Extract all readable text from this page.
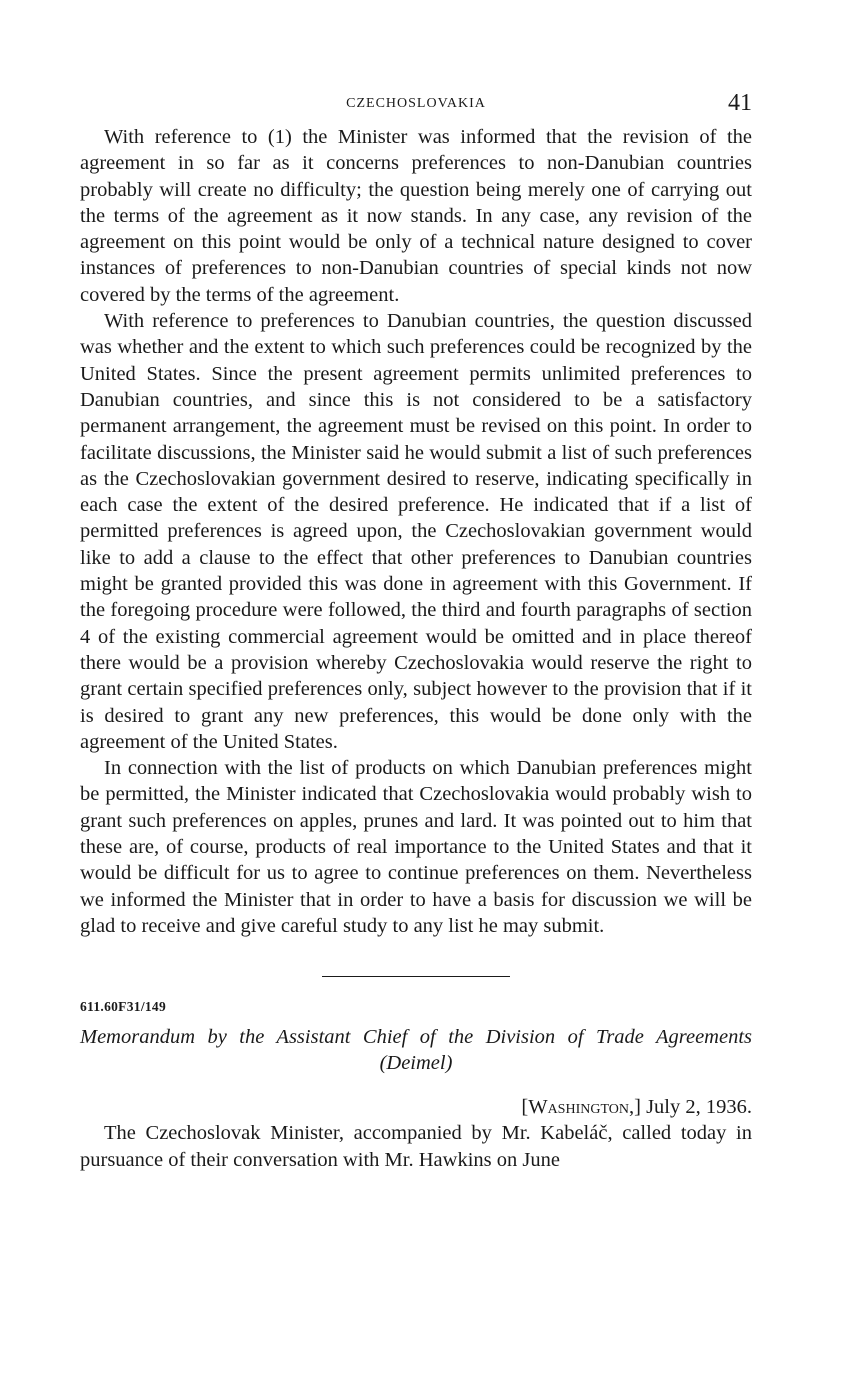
CZECHOSLOVAKIA	41

With reference to (1) the Minister was informed that the revision of the agreement in so far as it concerns preferences to non-Danubian countries probably will create no difficulty; the question being merely one of carrying out the terms of the agreement as it now stands. In any case, any revision of the agreement on this point would be only of a technical nature designed to cover instances of preferences to non-Danubian countries of special kinds not now covered by the terms of the agreement.

With reference to preferences to Danubian countries, the question discussed was whether and the extent to which such preferences could be recognized by the United States. Since the present agreement permits unlimited preferences to Danubian countries, and since this is not considered to be a satisfactory permanent arrangement, the agreement must be revised on this point. In order to facilitate discussions, the Minister said he would submit a list of such preferences as the Czechoslovakian government desired to reserve, indicating specifically in each case the extent of the desired preference. He indicated that if a list of permitted preferences is agreed upon, the Czechoslovakian government would like to add a clause to the effect that other preferences to Danubian countries might be granted provided this was done in agreement with this Government. If the foregoing procedure were followed, the third and fourth paragraphs of section 4 of the existing commercial agreement would be omitted and in place thereof there would be a provision whereby Czechoslovakia would reserve the right to grant certain specified preferences only, subject however to the provision that if it is desired to grant any new preferences, this would be done only with the agreement of the United States.

In connection with the list of products on which Danubian preferences might be permitted, the Minister indicated that Czechoslovakia would probably wish to grant such preferences on apples, prunes and lard. It was pointed out to him that these are, of course, products of real importance to the United States and that it would be difficult for us to agree to continue preferences on them. Nevertheless we informed the Minister that in order to have a basis for discussion we will be glad to receive and give careful study to any list he may submit.

611.60F31/149
Memorandum by the Assistant Chief of the Division of Trade Agreements (Deimel)
[Washington,] July 2, 1936.

The Czechoslovak Minister, accompanied by Mr. Kabeláč, called today in pursuance of their conversation with Mr. Hawkins on June
